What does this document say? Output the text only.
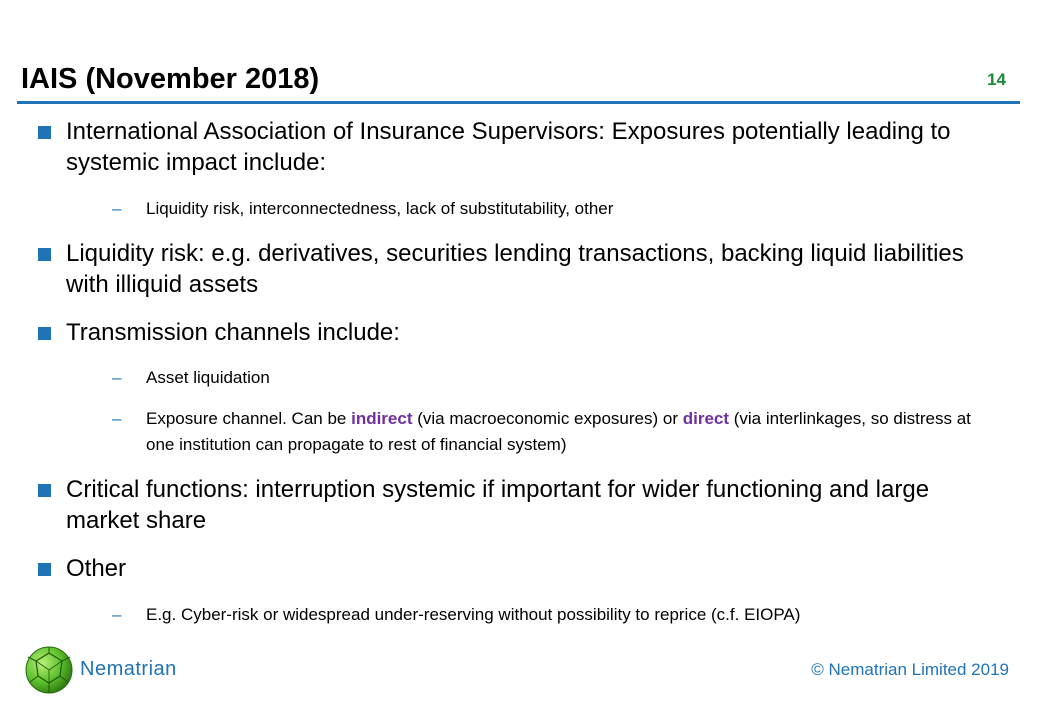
IAIS (November 2018)	14
International Association of Insurance Supervisors: Exposures potentially leading to systemic impact include:
– Liquidity risk, interconnectedness, lack of substitutability, other
Liquidity risk: e.g. derivatives, securities lending transactions, backing liquid liabilities with illiquid assets
Transmission channels include:
– Asset liquidation
– Exposure channel. Can be indirect (via macroeconomic exposures) or direct (via interlinkages, so distress at one institution can propagate to rest of financial system)
Critical functions: interruption systemic if important for wider functioning and large market share
Other
– E.g. Cyber-risk or widespread under-reserving without possibility to reprice (c.f. EIOPA)
Nematrian	© Nematrian Limited 2019
